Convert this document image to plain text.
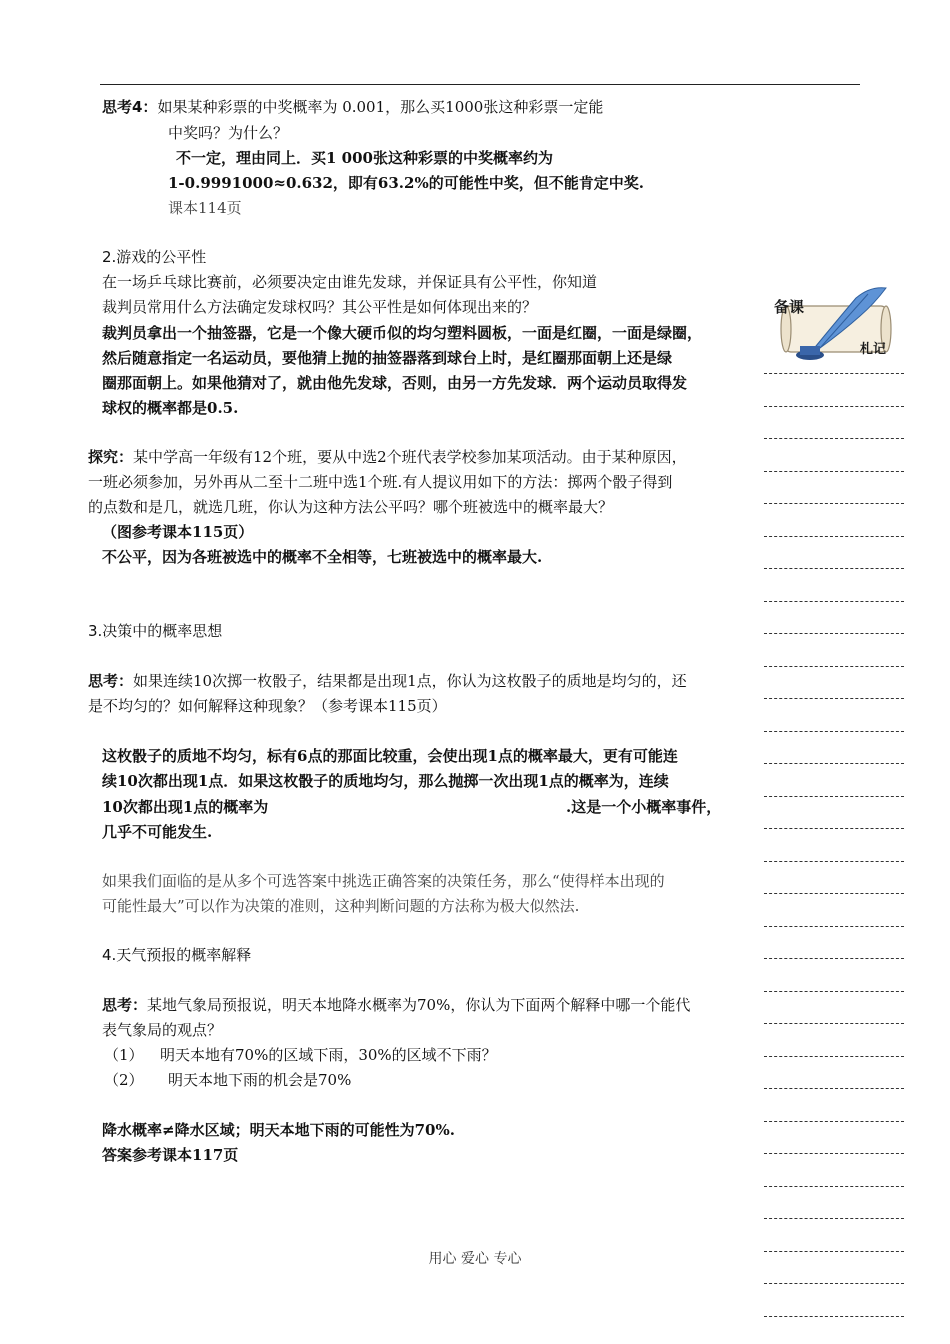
思考4：如果某种彩票的中奖概率为 0.001，那么买1000张这种彩票一定能
中奖吗？为什么？
不一定，理由同上．买1 000张这种彩票的中奖概率约为
1-0.9991000≈0.632，即有63.2%的可能性中奖，但不能肯定中奖.
课本114页
2.游戏的公平性
在一场乒乓球比赛前，必须要决定由谁先发球，并保证具有公平性，你知道
裁判员常用什么方法确定发球权吗？其公平性是如何体现出来的？
裁判员拿出一个抽签器，它是一个像大硬币似的均匀塑料圆板，一面是红圈，一面是绿圈，
然后随意指定一名运动员，要他猜上抛的抽签器落到球台上时，是红圈那面朝上还是绿
圈那面朝上。如果他猜对了，就由他先发球，否则，由另一方先发球．两个运动员取得发
球权的概率都是0.5.
探究：某中学高一年级有12个班，要从中选2个班代表学校参加某项活动。由于某种原因，
一班必须参加，另外再从二至十二班中选1个班.有人提议用如下的方法：掷两个骰子得到
的点数和是几，就选几班，你认为这种方法公平吗？哪个班被选中的概率最大？
（图参考课本115页）
不公平，因为各班被选中的概率不全相等，七班被选中的概率最大.
3.决策中的概率思想
思考：如果连续10次掷一枚骰子，结果都是出现1点，你认为这枚骰子的质地是均匀的，还
是不均匀的？如何解释这种现象？（参考课本115页）
这枚骰子的质地不均匀，标有6点的那面比较重，会使出现1点的概率最大，更有可能连
续10次都出现1点．如果这枚骰子的质地均匀，那么抛掷一次出现1点的概率为，连续
10次都出现1点的概率为	.这是一个小概率事件，
几乎不可能发生.
如果我们面临的是从多个可选答案中挑选正确答案的决策任务，那么“使得样本出现的
可能性最大”可以作为决策的准则，这种判断问题的方法称为极大似然法.
4.天气预报的概率解释
思考：某地气象局预报说，明天本地降水概率为70%，你认为下面两个解释中哪一个能代
表气象局的观点？
（1） 明天本地有70%的区域下雨，30%的区域不下雨？
（2） 明天本地下雨的机会是70%
降水概率≠降水区域；明天本地下雨的可能性为70%.
答案参考课本117页
备课
札记
用心 爱心 专心
